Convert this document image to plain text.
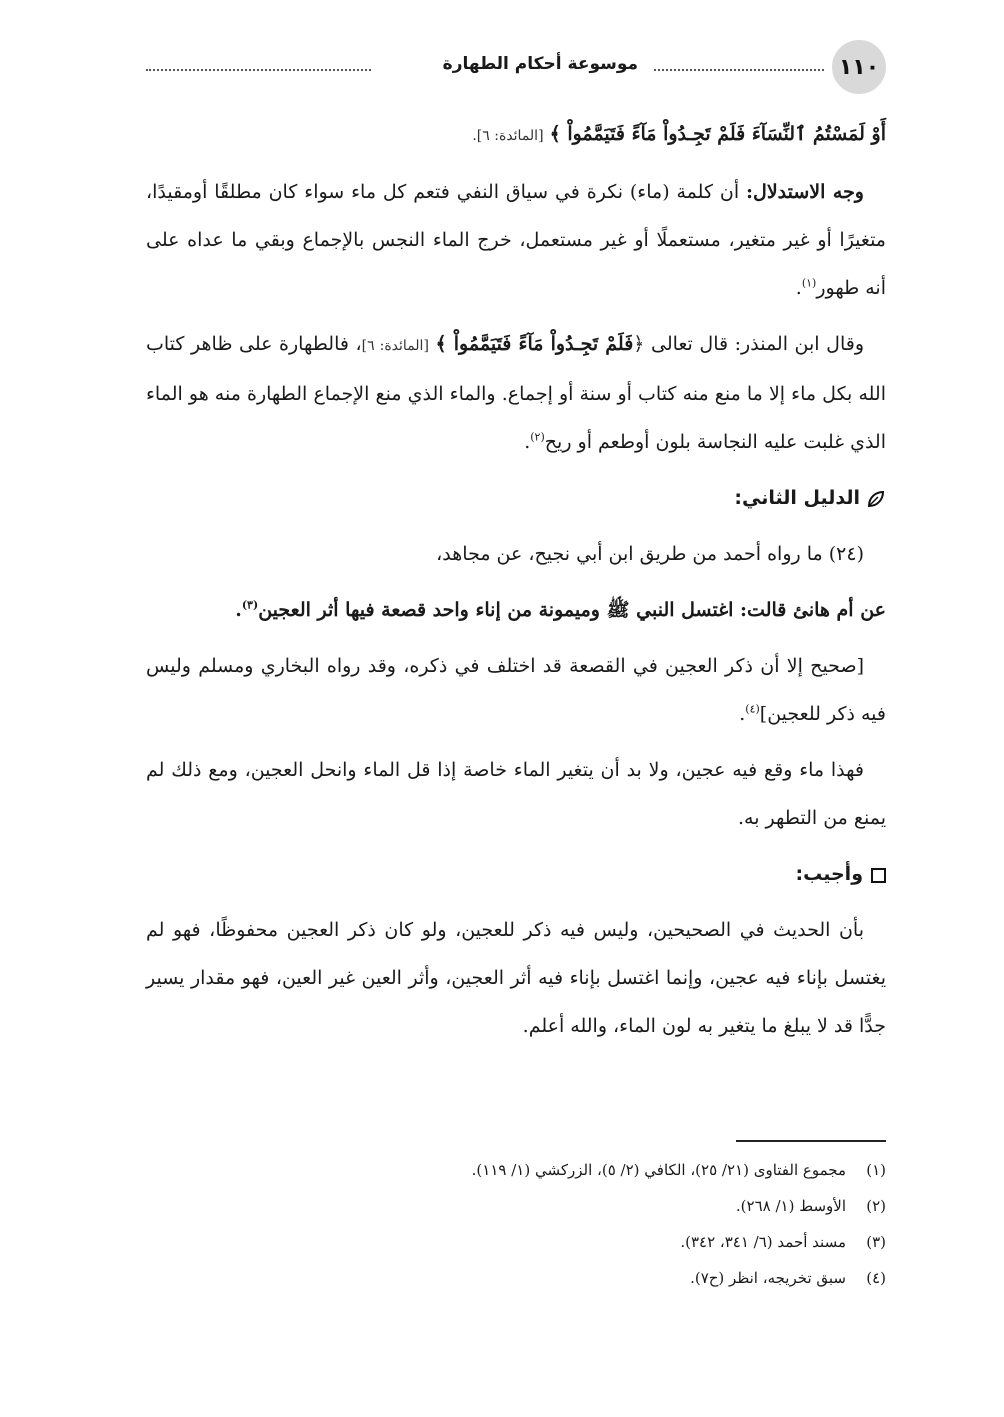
١١٠
موسوعة أحكام الطهارة

أَوْ لَمَسْتُمُ ٱلنِّسَآءَ فَلَمْ تَجِـدُواْ مَآءً فَتَيَمَّمُواْ ﴾ [المائدة: ٦].

وجه الاستدلال: أن كلمة (ماء) نكرة في سياق النفي فتعم كل ماء سواء كان مطلقًا أومقيدًا، متغيرًا أو غير متغير، مستعملًا أو غير مستعمل، خرج الماء النجس بالإجماع وبقي ما عداه على أنه طهور$^{(١)}$.

وقال ابن المنذر: قال تعالى ﴿فَلَمْ تَجِـدُواْ مَآءً فَتَيَمَّمُواْ ﴾ [المائدة: ٦]، فالطهارة على ظاهر كتاب الله بكل ماء إلا ما منع منه كتاب أو سنة أو إجماع. والماء الذي منع الإجماع الطهارة منه هو الماء الذي غلبت عليه النجاسة بلون أوطعم أو ريح$^{(٢)}$.

الدليل الثاني:

(٢٤) ما رواه أحمد من طريق ابن أبي نجيح، عن مجاهد،

عن أم هانئ قالت: اغتسل النبي ﷺ وميمونة من إناء واحد قصعة فيها أثر العجين$^{(٣)}$.

[صحيح إلا أن ذكر العجين في القصعة قد اختلف في ذكره، وقد رواه البخاري ومسلم وليس فيه ذكر للعجين]$^{(٤)}$.

فهذا ماء وقع فيه عجين، ولا بد أن يتغير الماء خاصة إذا قل الماء وانحل العجين، ومع ذلك لم يمنع من التطهر به.

وأجيب:

بأن الحديث في الصحيحين، وليس فيه ذكر للعجين، ولو كان ذكر العجين محفوظًا، فهو لم يغتسل بإناء فيه عجين، وإنما اغتسل بإناء فيه أثر العجين، وأثر العين غير العين، فهو مقدار يسير جدًّا قد لا يبلغ ما يتغير به لون الماء، والله أعلم.

(١)
مجموع الفتاوى (٢١/ ٢٥)، الكافي (٢/ ٥)، الزركشي (١/ ١١٩).
(٢)
الأوسط (١/ ٢٦٨).
(٣)
مسند أحمد (٦/ ٣٤١، ٣٤٢).
(٤)
سبق تخريجه، انظر (ح٧).
